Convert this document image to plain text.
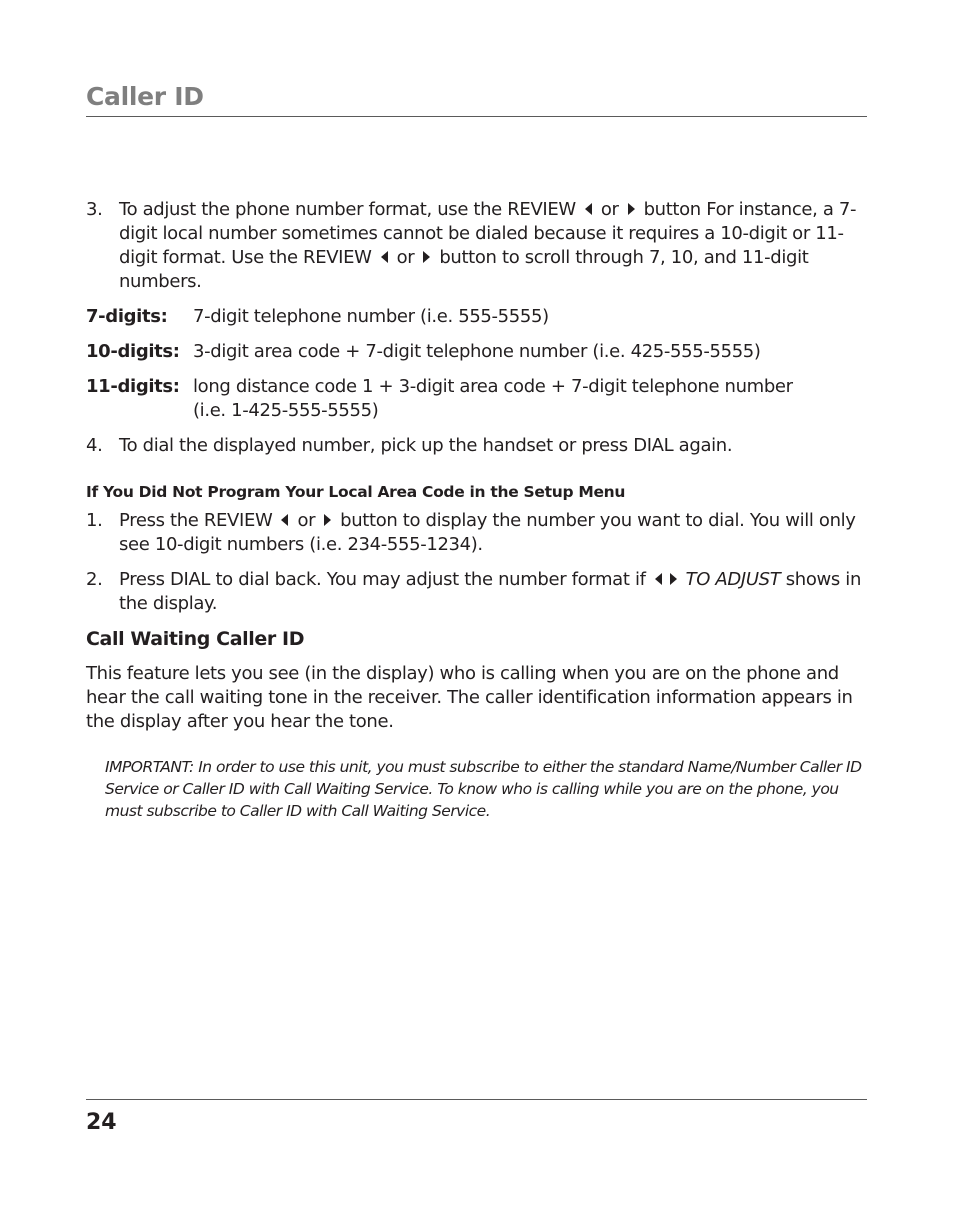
Caller ID
3. To adjust the phone number format, use the REVIEW or button For instance, a 7-digit local number sometimes cannot be dialed because it requires a 10-digit or 11-digit format. Use the REVIEW or button to scroll through 7, 10, and 11-digit numbers.
7-digits:	7-digit telephone number (i.e. 555-5555)
10-digits: 3-digit area code + 7-digit telephone number (i.e. 425-555-5555)
11-digits: long distance code 1 + 3-digit area code + 7-digit telephone number (i.e. 1-425-555-5555)
4. To dial the displayed number, pick up the handset or press DIAL again.
If You Did Not Program Your Local Area Code in the Setup Menu
1. Press the REVIEW or button to display the number you want to dial. You will only see 10-digit numbers (i.e. 234-555-1234).
2. Press DIAL to dial back. You may adjust the number format if TO ADJUST shows in the display.
Call Waiting Caller ID
This feature lets you see (in the display) who is calling when you are on the phone and hear the call waiting tone in the receiver. The caller identification information appears in the display after you hear the tone.
IMPORTANT: In order to use this unit, you must subscribe to either the standard Name/Number Caller ID Service or Caller ID with Call Waiting Service. To know who is calling while you are on the phone, you must subscribe to Caller ID with Call Waiting Service.
24
